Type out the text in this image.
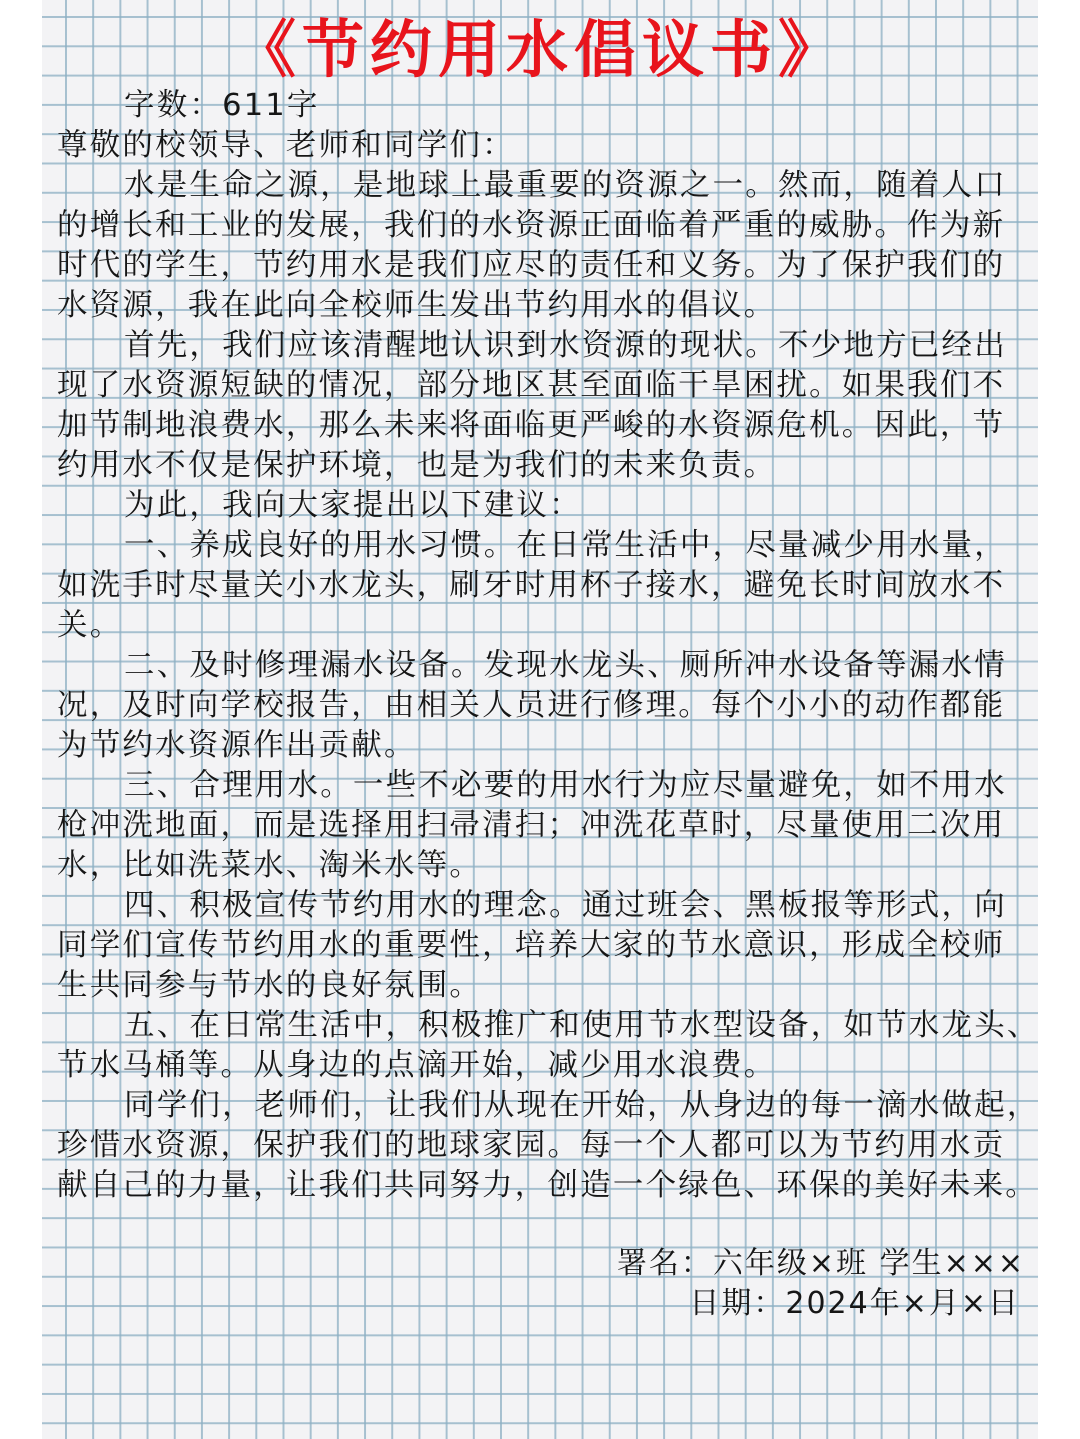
《节约用水倡议书》
字数：611字
尊敬的校领导、老师和同学们：
水是生命之源，是地球上最重要的资源之一。然而，随着人口
的增长和工业的发展，我们的水资源正面临着严重的威胁。作为新
时代的学生，节约用水是我们应尽的责任和义务。为了保护我们的
水资源，我在此向全校师生发出节约用水的倡议。
首先，我们应该清醒地认识到水资源的现状。不少地方已经出
现了水资源短缺的情况，部分地区甚至面临干旱困扰。如果我们不
加节制地浪费水，那么未来将面临更严峻的水资源危机。因此，节
约用水不仅是保护环境，也是为我们的未来负责。
为此，我向大家提出以下建议：
一、养成良好的用水习惯。在日常生活中，尽量减少用水量，
如洗手时尽量关小水龙头，刷牙时用杯子接水，避免长时间放水不
关。
二、及时修理漏水设备。发现水龙头、厕所冲水设备等漏水情
况，及时向学校报告，由相关人员进行修理。每个小小的动作都能
为节约水资源作出贡献。
三、合理用水。一些不必要的用水行为应尽量避免，如不用水
枪冲洗地面，而是选择用扫帚清扫；冲洗花草时，尽量使用二次用
水，比如洗菜水、淘米水等。
四、积极宣传节约用水的理念。通过班会、黑板报等形式，向
同学们宣传节约用水的重要性，培养大家的节水意识，形成全校师
生共同参与节水的良好氛围。
五、在日常生活中，积极推广和使用节水型设备，如节水龙头、
节水马桶等。从身边的点滴开始，减少用水浪费。
同学们，老师们，让我们从现在开始，从身边的每一滴水做起，
珍惜水资源，保护我们的地球家园。每一个人都可以为节约用水贡
献自己的力量，让我们共同努力，创造一个绿色、环保的美好未来。
署名：六年级×班 学生×××
日期：2024年×月×日
